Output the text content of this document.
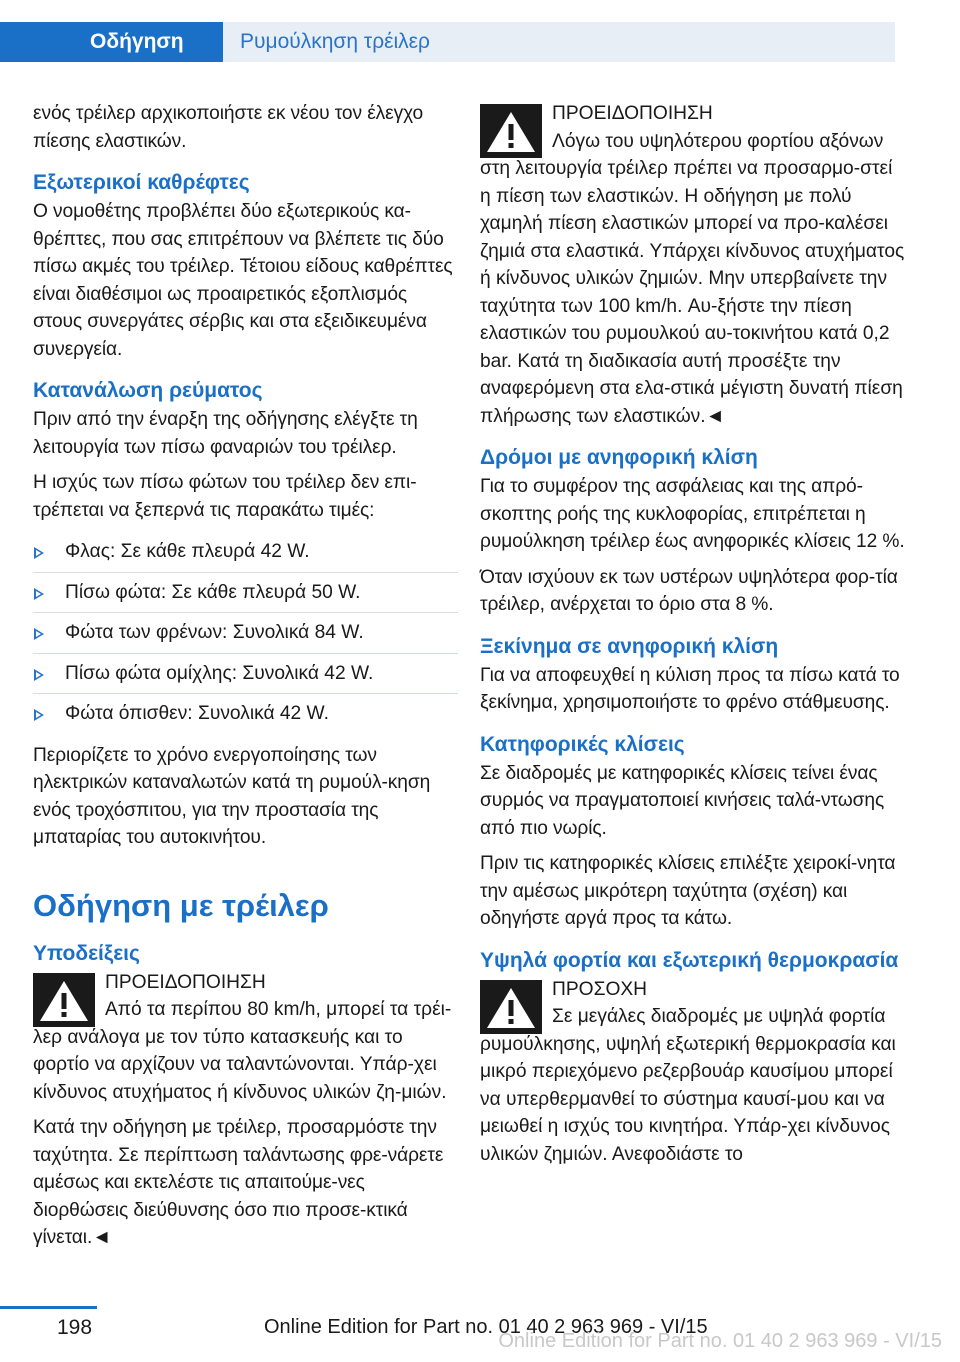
Οδήγηση	Ρυμούλκηση τρέιλερ

ενός τρέιλερ αρχικοποιήστε εκ νέου τον έλεγχο πίεσης ελαστικών.

Εξωτερικοί καθρέφτες

Ο νομοθέτης προβλέπει δύο εξωτερικούς κα‐θρέπτες, που σας επιτρέπουν να βλέπετε τις δύο πίσω ακμές του τρέιλερ. Τέτοιου είδους καθρέπτες είναι διαθέσιμοι ως προαιρετικός εξοπλισμός στους συνεργάτες σέρβις και στα εξειδικευμένα συνεργεία.

Κατανάλωση ρεύματος

Πριν από την έναρξη της οδήγησης ελέγξτε τη λειτουργία των πίσω φαναριών του τρέιλερ.

Η ισχύς των πίσω φώτων του τρέιλερ δεν επι‐τρέπεται να ξεπερνά τις παρακάτω τιμές:

Φλας: Σε κάθε πλευρά 42 W.
Πίσω φώτα: Σε κάθε πλευρά 50 W.
Φώτα των φρένων: Συνολικά 84 W.
Πίσω φώτα ομίχλης: Συνολικά 42 W.
Φώτα όπισθεν: Συνολικά 42 W.

Περιορίζετε το χρόνο ενεργοποίησης των ηλεκτρικών καταναλωτών κατά τη ρυμούλ‐κηση ενός τροχόσπιτου, για την προστασία της μπαταρίας του αυτοκινήτου.

Οδήγηση με τρέιλερ
Υποδείξεις
ΠΡΟΕΙΔΟΠΟΙΗΣΗ
Από τα περίπου 80 km/h, μπορεί τα τρέι‐λερ ανάλογα με τον τύπο κατασκευής και το φορτίο να αρχίζουν να ταλαντώνονται. Υπάρ‐χει κίνδυνος ατυχήματος ή κίνδυνος υλικών ζη‐μιών.

Κατά την οδήγηση με τρέιλερ, προσαρμόστε την ταχύτητα. Σε περίπτωση ταλάντωσης φρε‐νάρετε αμέσως και εκτελέστε τις απαιτούμε‐νες διορθώσεις διεύθυνσης όσο πιο προσε‐κτικά γίνεται.◄

ΠΡΟΕΙΔΟΠΟΙΗΣΗ
Λόγω του υψηλότερου φορτίου αξόνων στη λειτουργία τρέιλερ πρέπει να προσαρμο‐στεί η πίεση των ελαστικών. Η οδήγηση με πολύ χαμηλή πίεση ελαστικών μπορεί να προ‐καλέσει ζημιά στα ελαστικά. Υπάρχει κίνδυνος ατυχήματος ή κίνδυνος υλικών ζημιών. Μην υπερβαίνετε την ταχύτητα των 100 km/h. Αυ‐ξήστε την πίεση ελαστικών του ρυμουλκού αυ‐τοκινήτου κατά 0,2 bar. Κατά τη διαδικασία αυτή προσέξτε την αναφερόμενη στα ελα‐στικά μέγιστη δυνατή πίεση πλήρωσης των ελαστικών.◄
Δρόμοι με ανηφορική κλίση

Για το συμφέρον της ασφάλειας και της απρό‐σκοπτης ροής της κυκλοφορίας, επιτρέπεται η ρυμούλκηση τρέιλερ έως ανηφορικές κλίσεις 12 %.

Όταν ισχύουν εκ των υστέρων υψηλότερα φορ‐τία τρέιλερ, ανέρχεται το όριο στα 8 %.

Ξεκίνημα σε ανηφορική κλίση

Για να αποφευχθεί η κύλιση προς τα πίσω κατά το ξεκίνημα, χρησιμοποιήστε το φρένο στάθμευσης.

Κατηφορικές κλίσεις

Σε διαδρομές με κατηφορικές κλίσεις τείνει ένας συρμός να πραγματοποιεί κινήσεις ταλά‐ντωσης από πιο νωρίς.

Πριν τις κατηφορικές κλίσεις επιλέξτε χειροκί‐νητα την αμέσως μικρότερη ταχύτητα (σχέση) και οδηγήστε αργά προς τα κάτω.

Υψηλά φορτία και εξωτερική θερμοκρασία
ΠΡΟΣΟΧΗ
Σε μεγάλες διαδρομές με υψηλά φορτία ρυμούλκησης, υψηλή εξωτερική θερμοκρασία και μικρό περιεχόμενο ρεζερβουάρ καυσίμου μπορεί να υπερθερμανθεί το σύστημα καυσί‐μου και να μειωθεί η ισχύς του κινητήρα. Υπάρ‐χει κίνδυνος υλικών ζημιών. Ανεφοδιάστε το
198	Online Edition for Part no. 01 40 2 963 969 - VI/15
Online Edition for Part no. 01 40 2 963 969 - VI/15
